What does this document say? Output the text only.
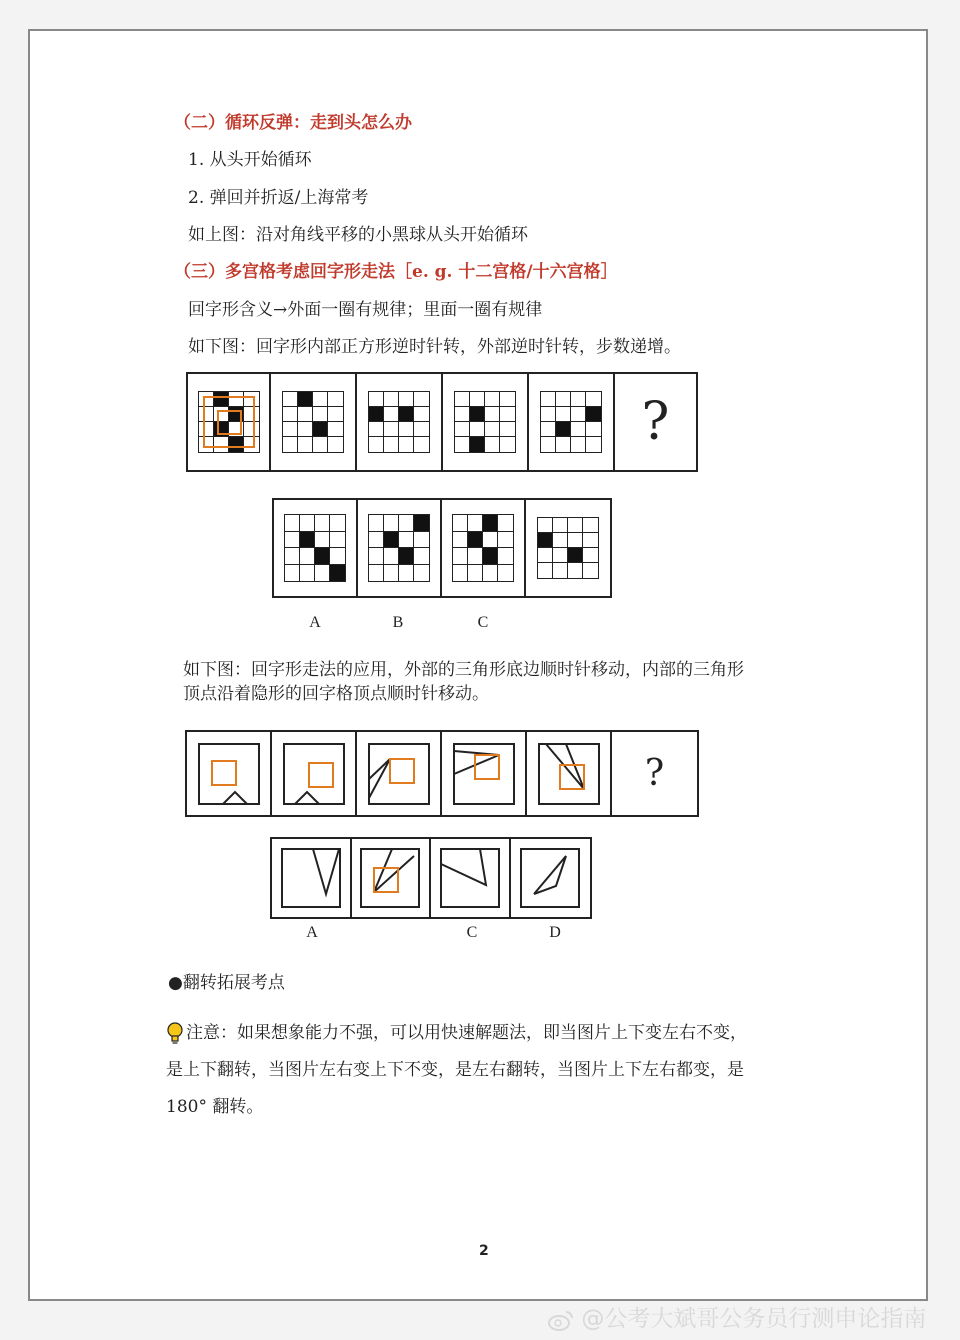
（二）循环反弹：走到头怎么办
1. 从头开始循环
2. 弹回并折返/上海常考
如上图：沿对角线平移的小黑球从头开始循环
（三）多宫格考虑回字形走法［e. g. 十二宫格/十六宫格］
回字形含义→外面一圈有规律；里面一圈有规律
如下图：回字形内部正方形逆时针转，外部逆时针转，步数递增。
?
A	B	C	D
如下图：回字形走法的应用，外部的三角形底边顺时针移动，内部的三角形
顶点沿着隐形的回字格顶点顺时针移动。
?
A	B	C	D
●翻转拓展考点
注意：如果想象能力不强，可以用快速解题法，即当图片上下变左右不变，
是上下翻转，当图片左右变上下不变，是左右翻转，当图片上下左右都变，是
180° 翻转。
2
@公考大斌哥公务员行测申论指南
